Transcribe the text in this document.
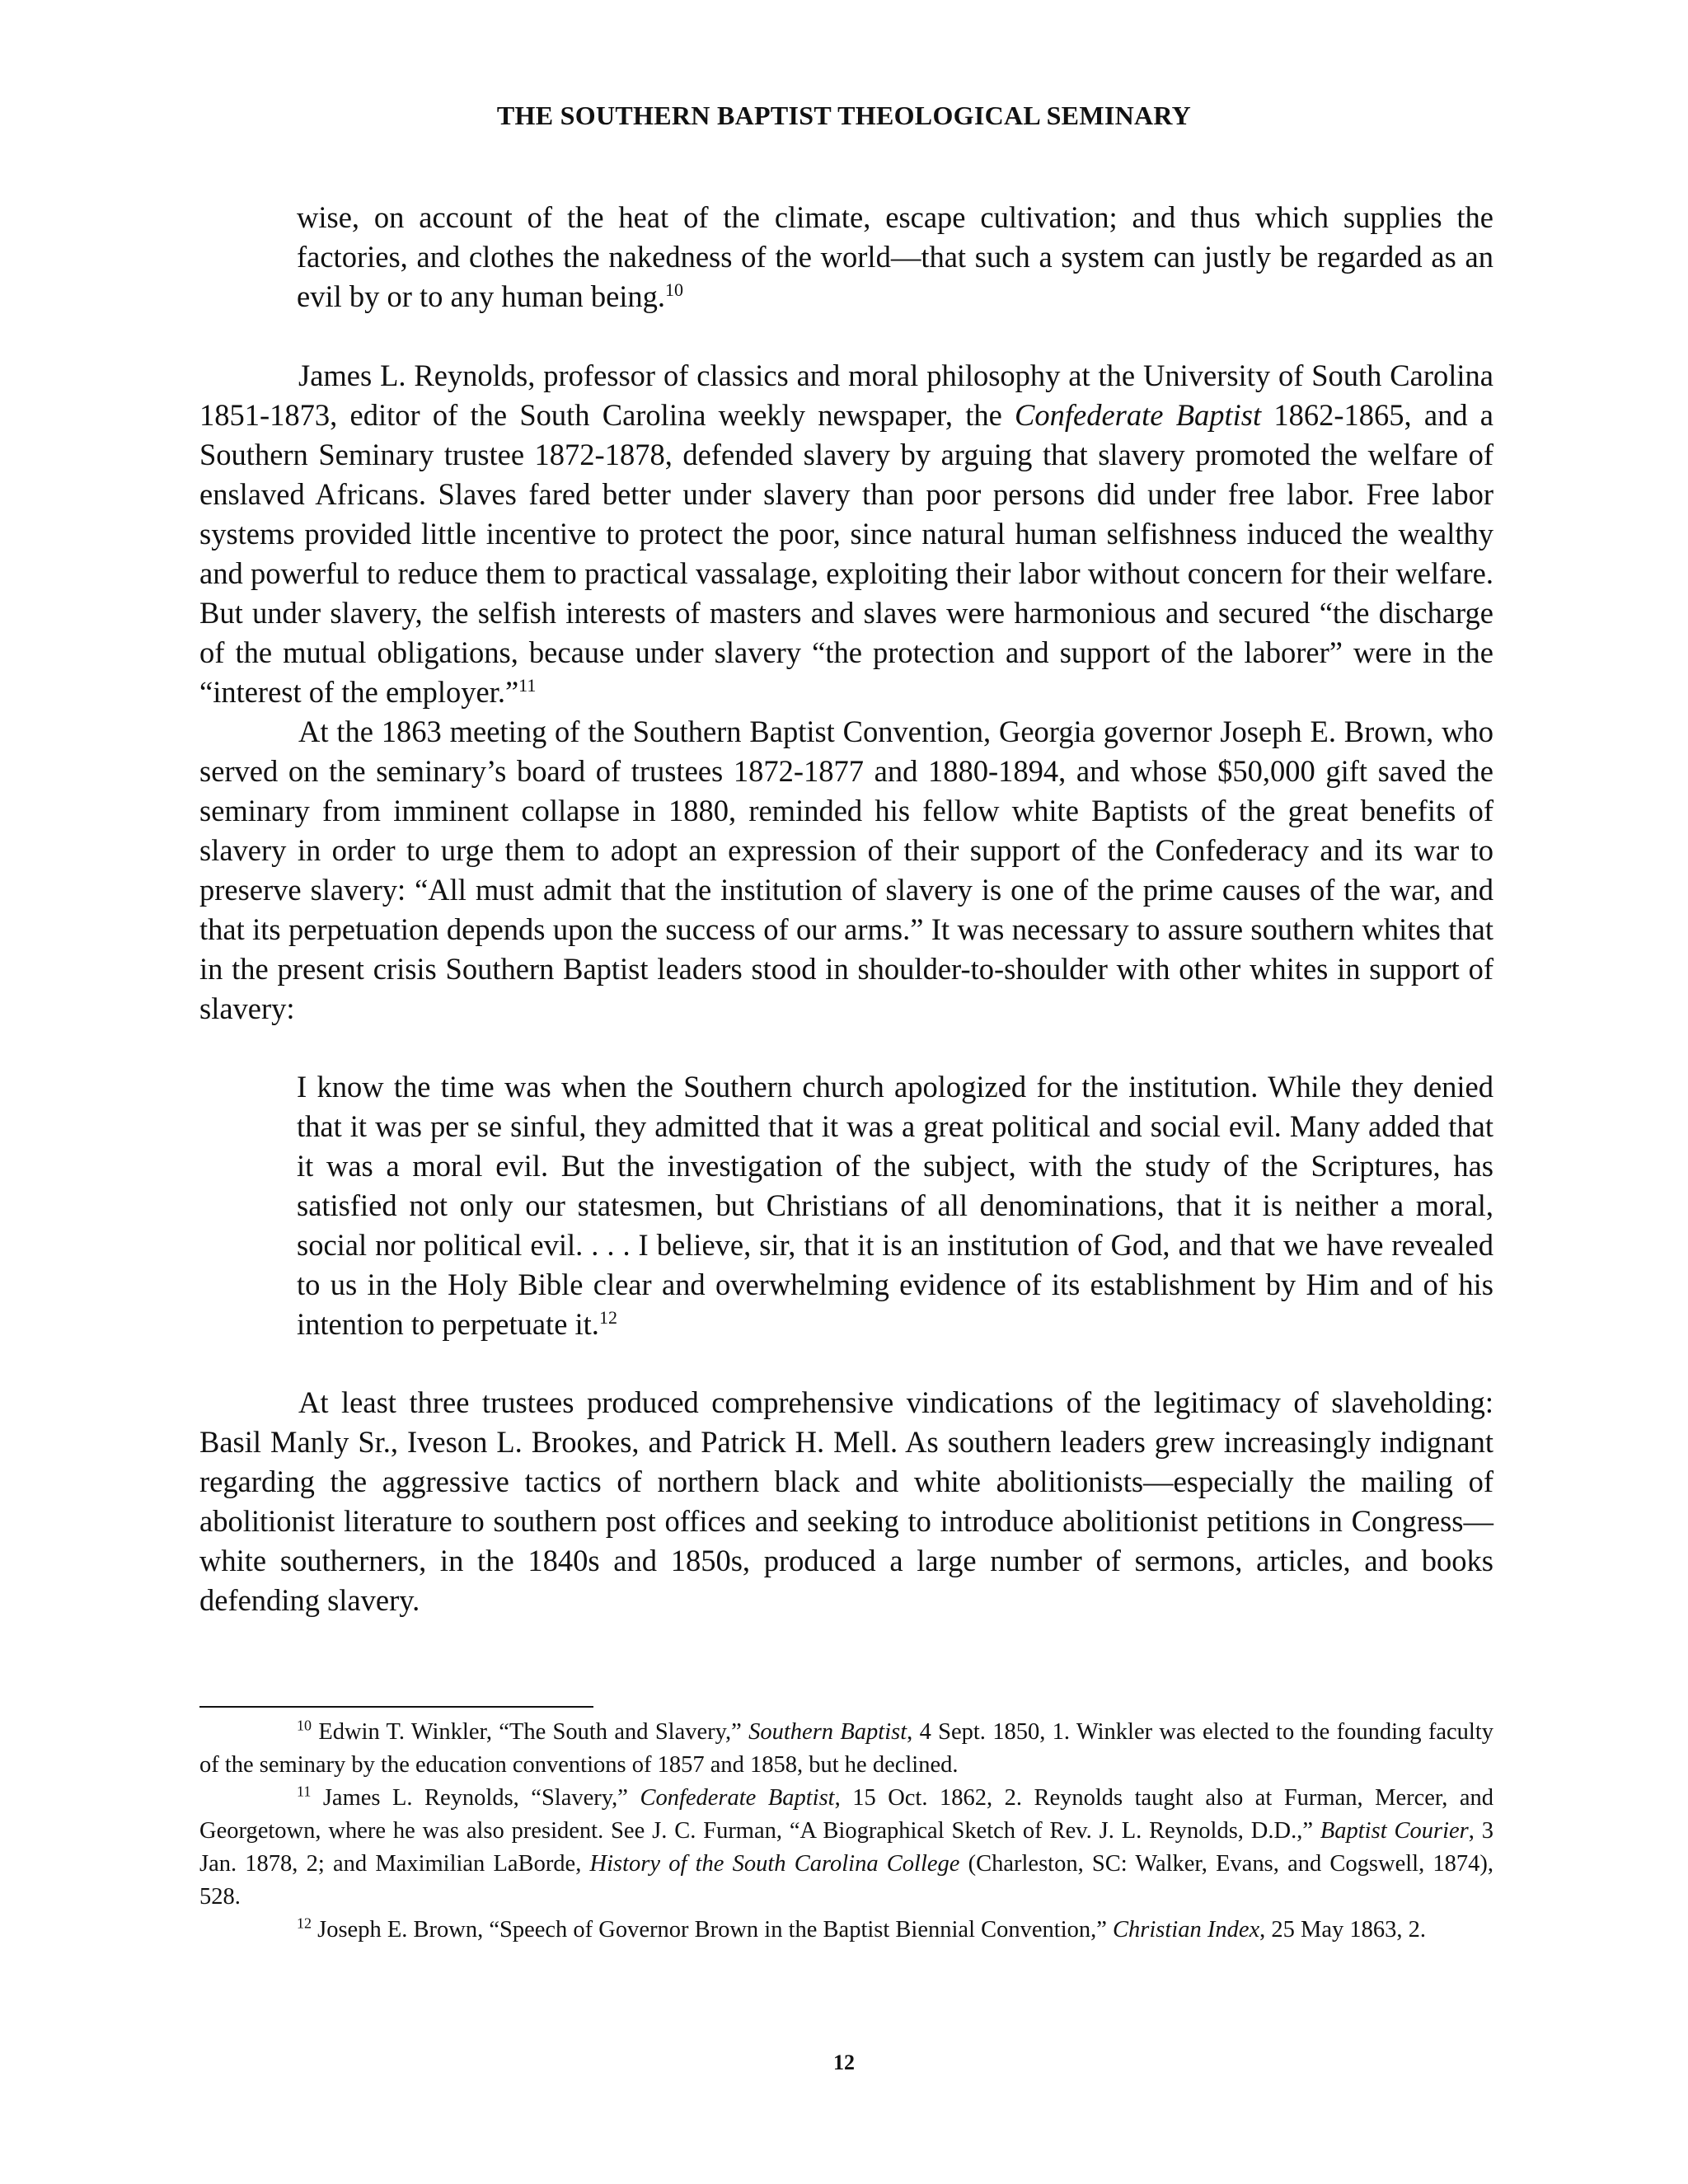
THE SOUTHERN BAPTIST THEOLOGICAL SEMINARY

wise, on account of the heat of the climate, escape cultivation; and thus which supplies the factories, and clothes the nakedness of the world—that such a system can justly be regarded as an evil by or to any human being.$^{10}$

James L. Reynolds, professor of classics and moral philosophy at the University of South Carolina 1851-1873, editor of the South Carolina weekly newspaper, the Confederate Baptist 1862-1865, and a Southern Seminary trustee 1872-1878, defended slavery by arguing that slavery promoted the welfare of enslaved Africans. Slaves fared better under slavery than poor persons did under free labor. Free labor systems provided little incentive to protect the poor, since natural human selfishness induced the wealthy and powerful to reduce them to practical vassalage, exploiting their labor without concern for their welfare. But under slavery, the selfish interests of masters and slaves were harmonious and secured “the discharge of the mutual obligations, because under slavery “the protection and support of the laborer” were in the “interest of the employer.”$^{11}$

At the 1863 meeting of the Southern Baptist Convention, Georgia governor Joseph E. Brown, who served on the seminary’s board of trustees 1872-1877 and 1880-1894, and whose $50,000 gift saved the seminary from imminent collapse in 1880, reminded his fellow white Baptists of the great benefits of slavery in order to urge them to adopt an expression of their support of the Confederacy and its war to preserve slavery: “All must admit that the institution of slavery is one of the prime causes of the war, and that its perpetuation depends upon the success of our arms.” It was necessary to assure southern whites that in the present crisis Southern Baptist leaders stood in shoulder-to-shoulder with other whites in support of slavery:

I know the time was when the Southern church apologized for the institution. While they denied that it was per se sinful, they admitted that it was a great political and social evil. Many added that it was a moral evil. But the investigation of the subject, with the study of the Scriptures, has satisfied not only our statesmen, but Christians of all denominations, that it is neither a moral, social nor political evil. . . . I believe, sir, that it is an institution of God, and that we have revealed to us in the Holy Bible clear and overwhelming evidence of its establishment by Him and of his intention to perpetuate it.$^{12}$

At least three trustees produced comprehensive vindications of the legitimacy of slaveholding: Basil Manly Sr., Iveson L. Brookes, and Patrick H. Mell. As southern leaders grew increasingly indignant regarding the aggressive tactics of northern black and white abolitionists—especially the mailing of abolitionist literature to southern post offices and seeking to introduce abolitionist petitions in Congress—white southerners, in the 1840s and 1850s, produced a large number of sermons, articles, and books defending slavery.

$^{10}$ Edwin T. Winkler, “The South and Slavery,” Southern Baptist, 4 Sept. 1850, 1. Winkler was elected to the founding faculty of the seminary by the education conventions of 1857 and 1858, but he declined.

$^{11}$ James L. Reynolds, “Slavery,” Confederate Baptist, 15 Oct. 1862, 2. Reynolds taught also at Furman, Mercer, and Georgetown, where he was also president. See J. C. Furman, “A Biographical Sketch of Rev. J. L. Reynolds, D.D.,” Baptist Courier, 3 Jan. 1878, 2; and Maximilian LaBorde, History of the South Carolina College (Charleston, SC: Walker, Evans, and Cogswell, 1874), 528.

$^{12}$ Joseph E. Brown, “Speech of Governor Brown in the Baptist Biennial Convention,” Christian Index, 25 May 1863, 2.

12
